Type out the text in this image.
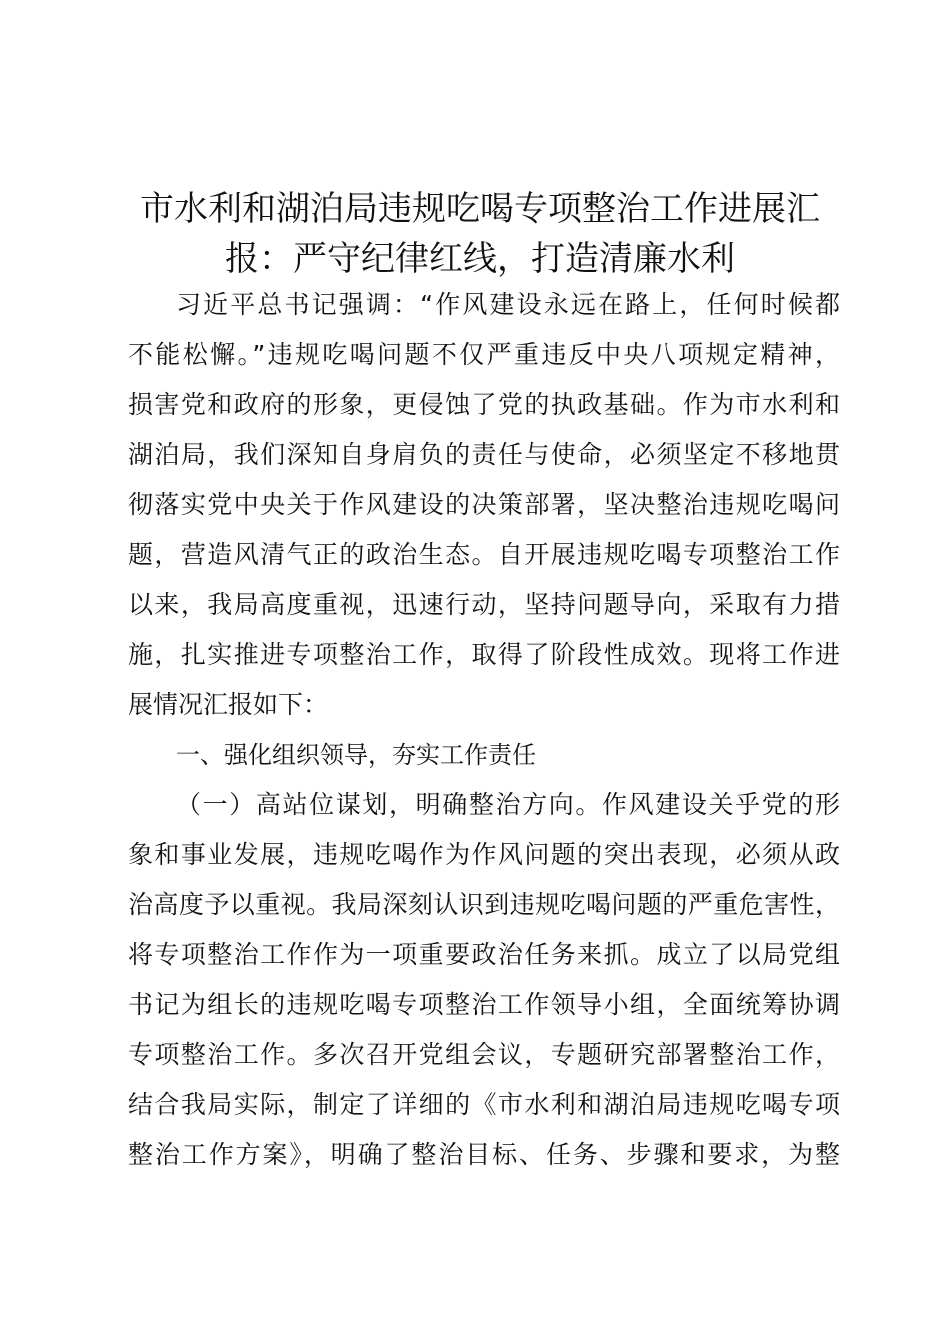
市水利和湖泊局违规吃喝专项整治工作进展汇
报：严守纪律红线，打造清廉水利

习近平总书记强调：“作风建设永远在路上，任何时候都

不能松懈。”违规吃喝问题不仅严重违反中央八项规定精神，

损害党和政府的形象，更侵蚀了党的执政基础。作为市水利和

湖泊局，我们深知自身肩负的责任与使命，必须坚定不移地贯

彻落实党中央关于作风建设的决策部署，坚决整治违规吃喝问

题，营造风清气正的政治生态。自开展违规吃喝专项整治工作

以来，我局高度重视，迅速行动，坚持问题导向，采取有力措

施，扎实推进专项整治工作，取得了阶段性成效。现将工作进

展情况汇报如下：

一、强化组织领导，夯实工作责任

（一）高站位谋划，明确整治方向。作风建设关乎党的形

象和事业发展，违规吃喝作为作风问题的突出表现，必须从政

治高度予以重视。我局深刻认识到违规吃喝问题的严重危害性，

将专项整治工作作为一项重要政治任务来抓。成立了以局党组

书记为组长的违规吃喝专项整治工作领导小组，全面统筹协调

专项整治工作。多次召开党组会议，专题研究部署整治工作，

结合我局实际，制定了详细的《市水利和湖泊局违规吃喝专项

整治工作方案》，明确了整治目标、任务、步骤和要求，为整
